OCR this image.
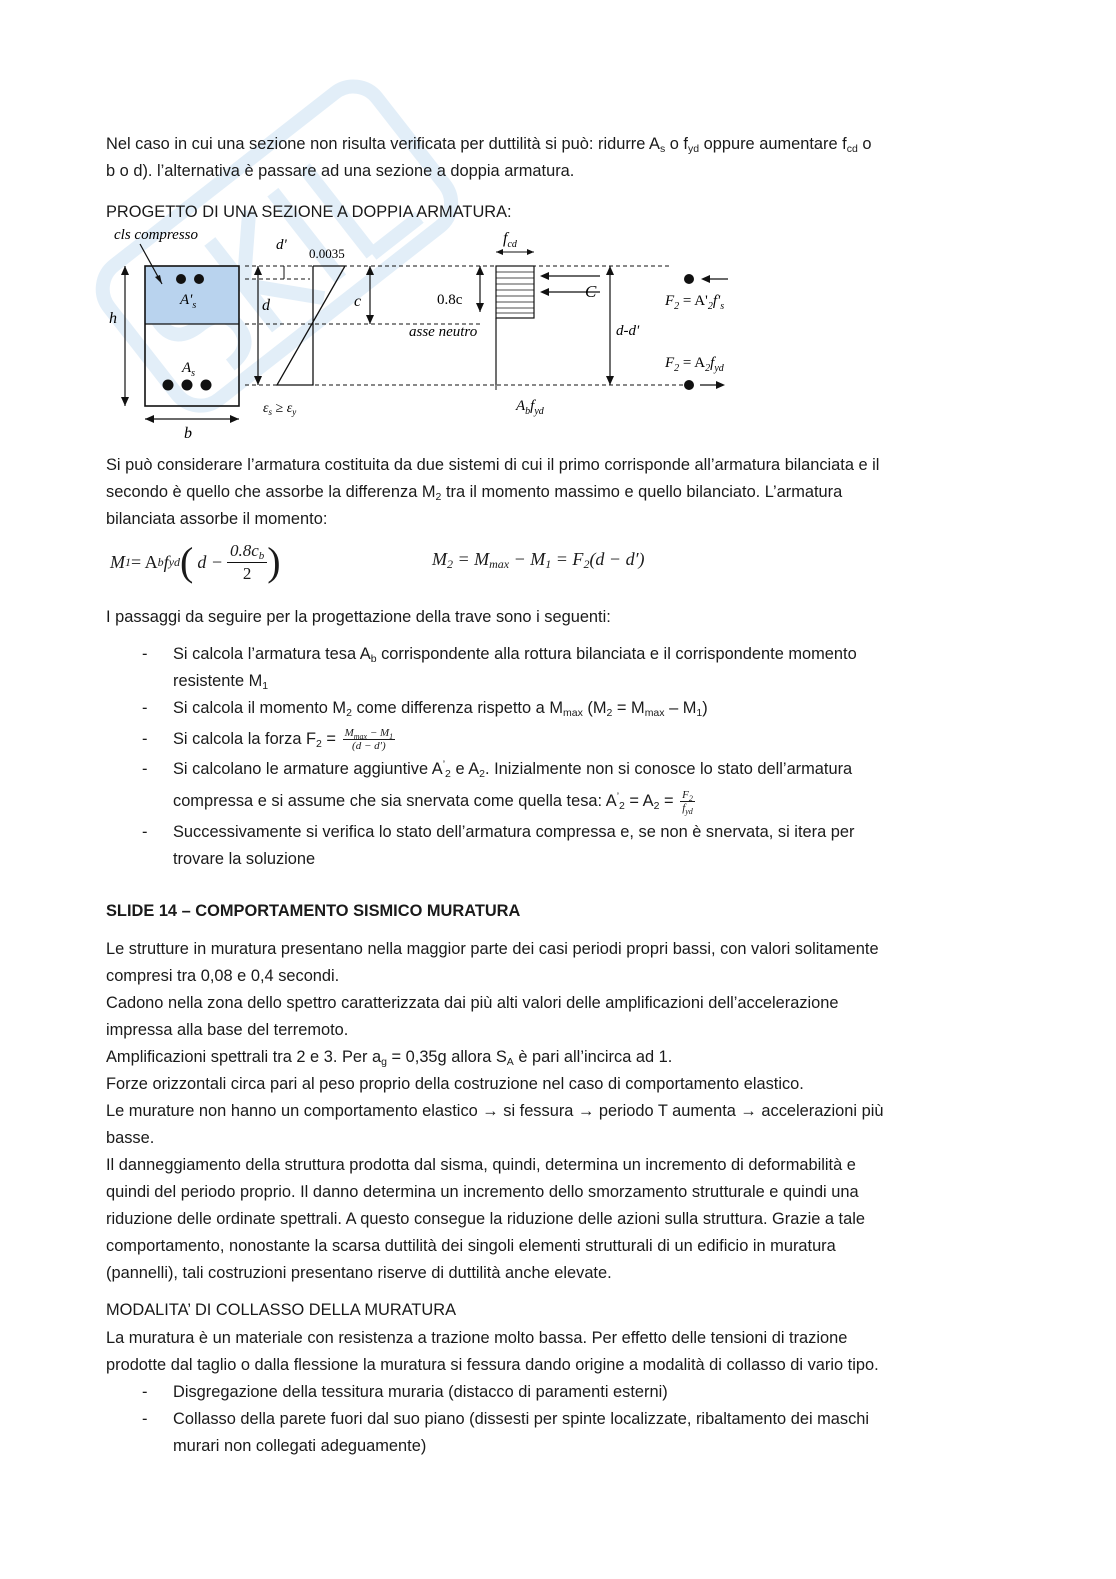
Nel caso in cui una sezione non risulta verificata per duttilità si può: ridurre $A_s$ o $f_{yd}$ oppure aumentare $f_{cd}$ o
b o d). l’alternativa è passare ad una sezione a doppia armatura.
PROGETTO DI UNA SEZIONE A DOPPIA ARMATURA:
cls compresso
$A'_s$
$A_s$
h
b
d'
d
0.0035
$\varepsilon_s \ge \varepsilon_y$
c
asse neutro
0.8c
$f_{cd}$
C
d-d'
$A_bf_{yd}$
$F_2 = A'_2f'_s$
$F_2 = A_2f_{yd}$
Si può considerare l’armatura costituita da due sistemi di cui il primo corrisponde all’armatura bilanciata e il
secondo è quello che assorbe la differenza $M_2$ tra il momento massimo e quello bilanciato. L’armatura
bilanciata assorbe il momento:
M 1 = A b f yd ( $d - \frac{0.8c_b}{2}$ )	$M_2 = M_{max} - M_1 = F_2(d - d')$
I passaggi da seguire per la progettazione della trave sono i seguenti:
- Si calcola l’armatura tesa $A_b$ corrispondente alla rottura bilanciata e il corrispondente momento
resistente $M_1$
- Si calcola il momento $M_2$ come differenza rispetto a $M_{max}$ $(M_2 = M_{max} - M_1)$
- Si calcola la forza $F_2 = \frac{M_{max} - M_1}{(d - d')}$
- Si calcolano le armature aggiuntive $A^’_2$ e $A_2$. Inizialmente non si conosce lo stato dell’armatura
compressa e si assume che sia snervata come quella tesa: $A^’_2 = A_2 = \frac{F_2}{f_{yd}}$
- Successivamente si verifica lo stato dell’armatura compressa e, se non è snervata, si itera per
trovare la soluzione
SLIDE 14 – COMPORTAMENTO SISMICO MURATURA
Le strutture in muratura presentano nella maggior parte dei casi periodi propri bassi, con valori solitamente
compresi tra 0,08 e 0,4 secondi.
Cadono nella zona dello spettro caratterizzata dai più alti valori delle amplificazioni dell’accelerazione
impressa alla base del terremoto.
Amplificazioni spettrali tra 2 e 3. Per $a_g = 0,35g$ allora $S_A$ è pari all’incirca ad 1.
Forze orizzontali circa pari al peso proprio della costruzione nel caso di comportamento elastico.
Le murature non hanno un comportamento elastico → si fessura → periodo T aumenta → accelerazioni più
basse.
Il danneggiamento della struttura prodotta dal sisma, quindi, determina un incremento di deformabilità e
quindi del periodo proprio. Il danno determina un incremento dello smorzamento strutturale e quindi una
riduzione delle ordinate spettrali. A questo consegue la riduzione delle azioni sulla struttura. Grazie a tale
comportamento, nonostante la scarsa duttilità dei singoli elementi strutturali di un edificio in muratura
(pannelli), tali costruzioni presentano riserve di duttilità anche elevate.
MODALITA’ DI COLLASSO DELLA MURATURA
La muratura è un materiale con resistenza a trazione molto bassa. Per effetto delle tensioni di trazione
prodotte dal taglio o dalla flessione la muratura si fessura dando origine a modalità di collasso di vario tipo.
- Disgregazione della tessitura muraria (distacco di paramenti esterni)
- Collasso della parete fuori dal suo piano (dissesti per spinte localizzate, ribaltamento dei maschi
murari non collegati adeguamente)
